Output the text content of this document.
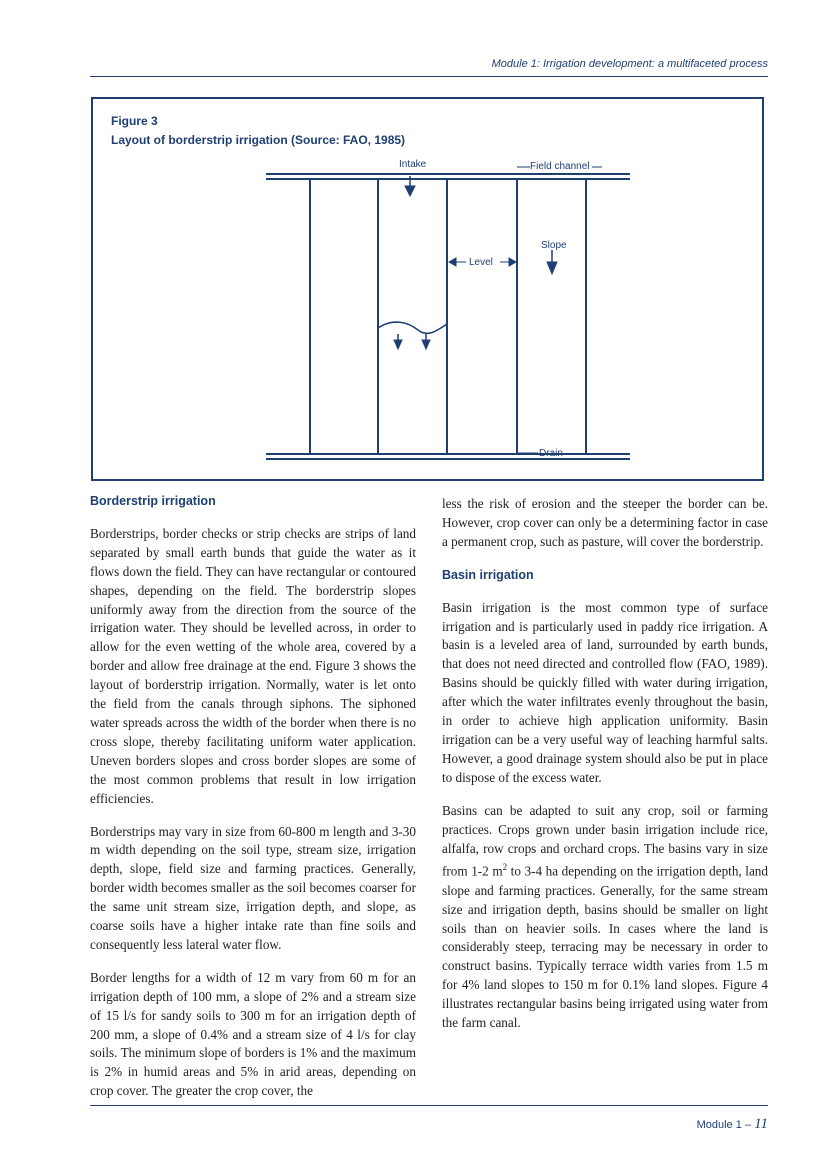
Module 1: Irrigation development: a multifaceted process
Figure 3
Layout of borderstrip irrigation (Source: FAO, 1985)
Intake	Field channel
Slope
Level
Drain
Borderstrip irrigation

Borderstrips, border checks or strip checks are strips of land separated by small earth bunds that guide the water as it flows down the field. They can have rectangular or contoured shapes, depending on the field. The borderstrip slopes uniformly away from the direction from the source of the irrigation water. They should be levelled across, in order to allow for the even wetting of the whole area, covered by a border and allow free drainage at the end. Figure 3 shows the layout of borderstrip irrigation. Normally, water is let onto the field from the canals through siphons. The siphoned water spreads across the width of the border when there is no cross slope, thereby facilitating uniform water application. Uneven borders slopes and cross border slopes are some of the most common problems that result in low irrigation efficiencies.

Borderstrips may vary in size from 60-800 m length and 3-30 m width depending on the soil type, stream size, irrigation depth, slope, field size and farming practices. Generally, border width becomes smaller as the soil becomes coarser for the same unit stream size, irrigation depth, and slope, as coarse soils have a higher intake rate than fine soils and consequently less lateral water flow.

Border lengths for a width of 12 m vary from 60 m for an irrigation depth of 100 mm, a slope of 2% and a stream size of 15 l/s for sandy soils to 300 m for an irrigation depth of 200 mm, a slope of 0.4% and a stream size of 4 l/s for clay soils. The minimum slope of borders is 1% and the maximum is 2% in humid areas and 5% in arid areas, depending on crop cover. The greater the crop cover, the

less the risk of erosion and the steeper the border can be. However, crop cover can only be a determining factor in case a permanent crop, such as pasture, will cover the borderstrip.

Basin irrigation

Basin irrigation is the most common type of surface irrigation and is particularly used in paddy rice irrigation. A basin is a leveled area of land, surrounded by earth bunds, that does not need directed and controlled flow (FAO, 1989). Basins should be quickly filled with water during irrigation, after which the water infiltrates evenly throughout the basin, in order to achieve high application uniformity. Basin irrigation can be a very useful way of leaching harmful salts. However, a good drainage system should also be put in place to dispose of the excess water.

Basins can be adapted to suit any crop, soil or farming practices. Crops grown under basin irrigation include rice, alfalfa, row crops and orchard crops. The basins vary in size from 1-2 $m^2$ to 3-4 ha depending on the irrigation depth, land slope and farming practices. Generally, for the same stream size and irrigation depth, basins should be smaller on light soils than on heavier soils. In cases where the land is considerably steep, terracing may be necessary in order to construct basins. Typically terrace width varies from 1.5 m for 4% land slopes to 150 m for 0.1% land slopes. Figure 4 illustrates rectangular basins being irrigated using water from the farm canal.

Module 1 – 11
